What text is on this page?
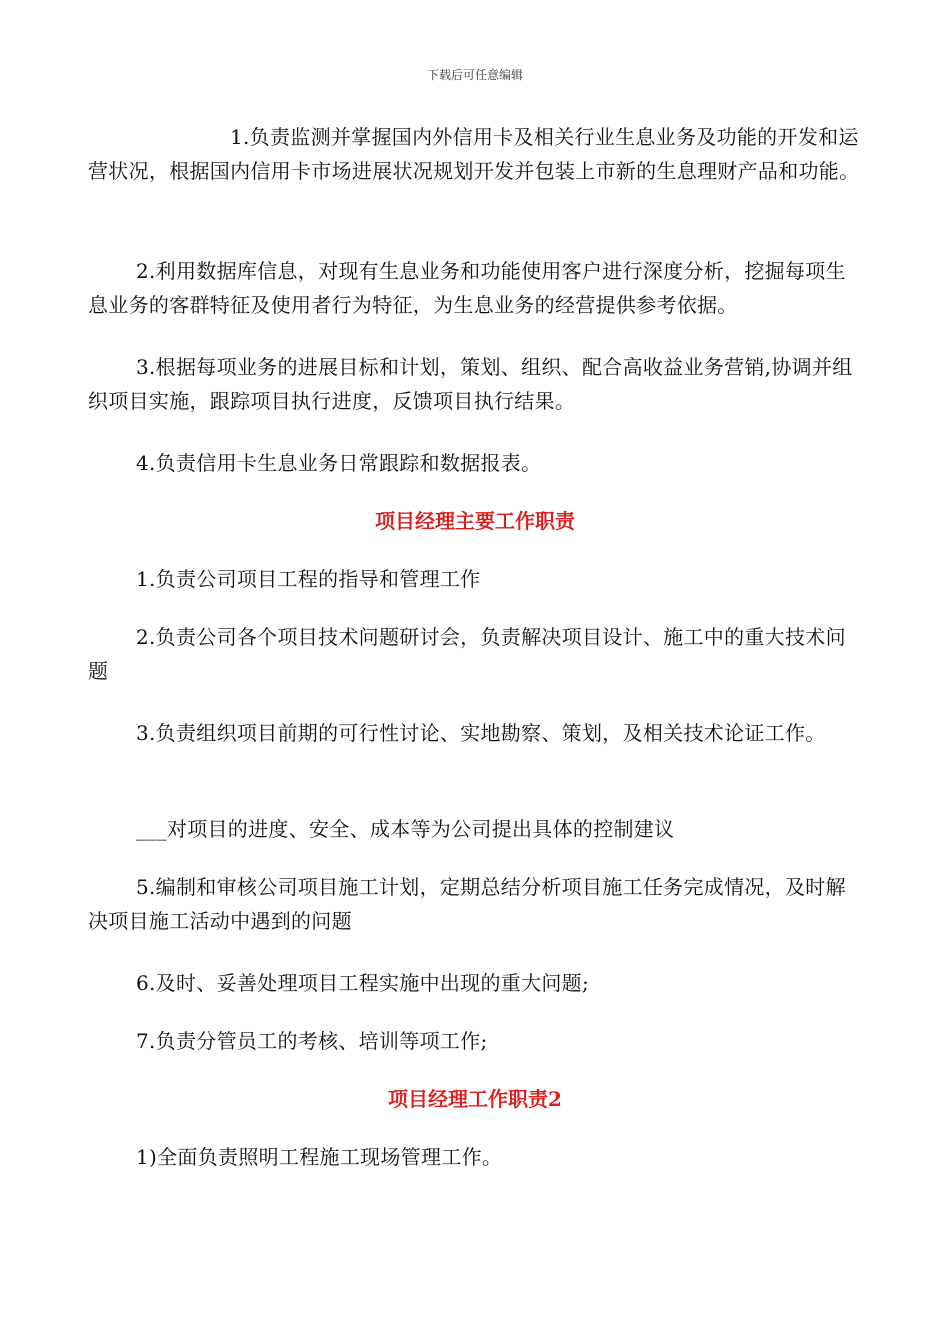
下载后可任意编辑

1.负责监测并掌握国内外信用卡及相关行业生息业务及功能的开发和运营状况，根据国内信用卡市场进展状况规划开发并包装上市新的生息理财产品和功能。

2.利用数据库信息，对现有生息业务和功能使用客户进行深度分析，挖掘每项生息业务的客群特征及使用者行为特征，为生息业务的经营提供参考依据。

3.根据每项业务的进展目标和计划，策划、组织、配合高收益业务营销,协调并组织项目实施，跟踪项目执行进度，反馈项目执行结果。

4.负责信用卡生息业务日常跟踪和数据报表。

项目经理主要工作职责

1.负责公司项目工程的指导和管理工作

2.负责公司各个项目技术问题研讨会，负责解决项目设计、施工中的重大技术问题

3.负责组织项目前期的可行性讨论、实地勘察、策划，及相关技术论证工作。

___对项目的进度、安全、成本等为公司提出具体的控制建议

5.编制和审核公司项目施工计划，定期总结分析项目施工任务完成情况，及时解决项目施工活动中遇到的问题

6.及时、妥善处理项目工程实施中出现的重大问题;

7.负责分管员工的考核、培训等项工作;

项目经理工作职责2

1)全面负责照明工程施工现场管理工作。
